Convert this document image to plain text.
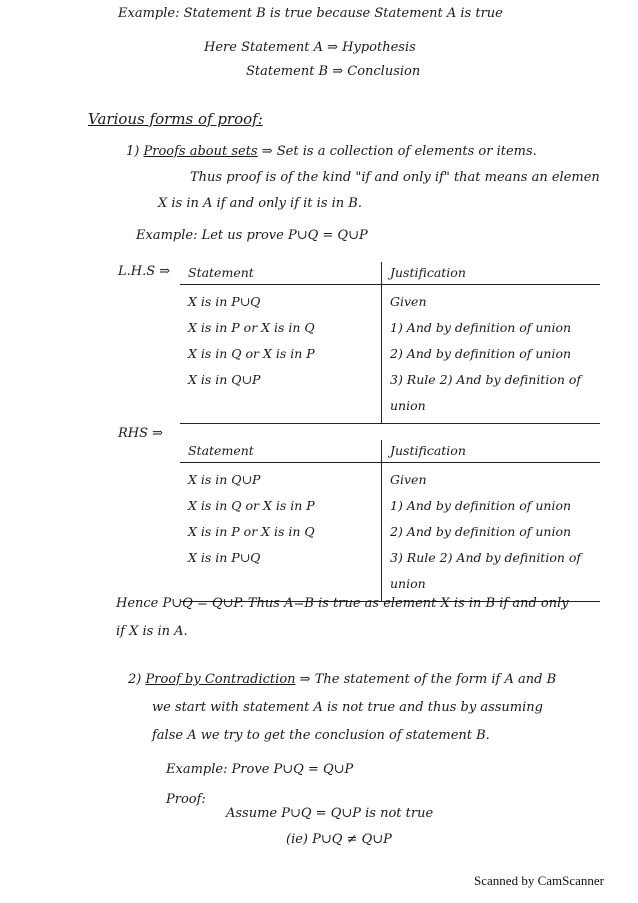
Example: Statement B is true because Statement A is true
Here Statement A ⇒ Hypothesis
Statement B ⇒ Conclusion
Various forms of proof:
1) Proofs about sets ⇒ Set is a collection of elements or items.
Thus proof is of the kind "if and only if" that means an elemen
X is in A if and only if it is in B.
Example: Let us prove P∪Q = Q∪P
L.H.S ⇒ Statement	Justification
X is in P∪Q	Given
X is in P or X is in Q	1) And by definition of union
X is in Q or X is in P	2) And by definition of union
X is in Q∪P	3) Rule 2) And by definition of union
RHS ⇒
Statement	Justification
X is in Q∪P	Given
X is in Q or X is in P	1) And by definition of union
X is in P or X is in Q	2) And by definition of union
X is in P∪Q	3) Rule 2) And by definition of union
Hence P∪Q = Q∪P. Thus A=B is true as element X is in B if and only
if X is in A.
2) Proof by Contradiction ⇒ The statement of the form if A and B
we start with statement A is not true and thus by assuming
false A we try to get the conclusion of statement B.
Example: Prove P∪Q = Q∪P
Proof:
Assume P∪Q = Q∪P is not true
(ie) P∪Q ≠ Q∪P
Scanned by CamScanner
